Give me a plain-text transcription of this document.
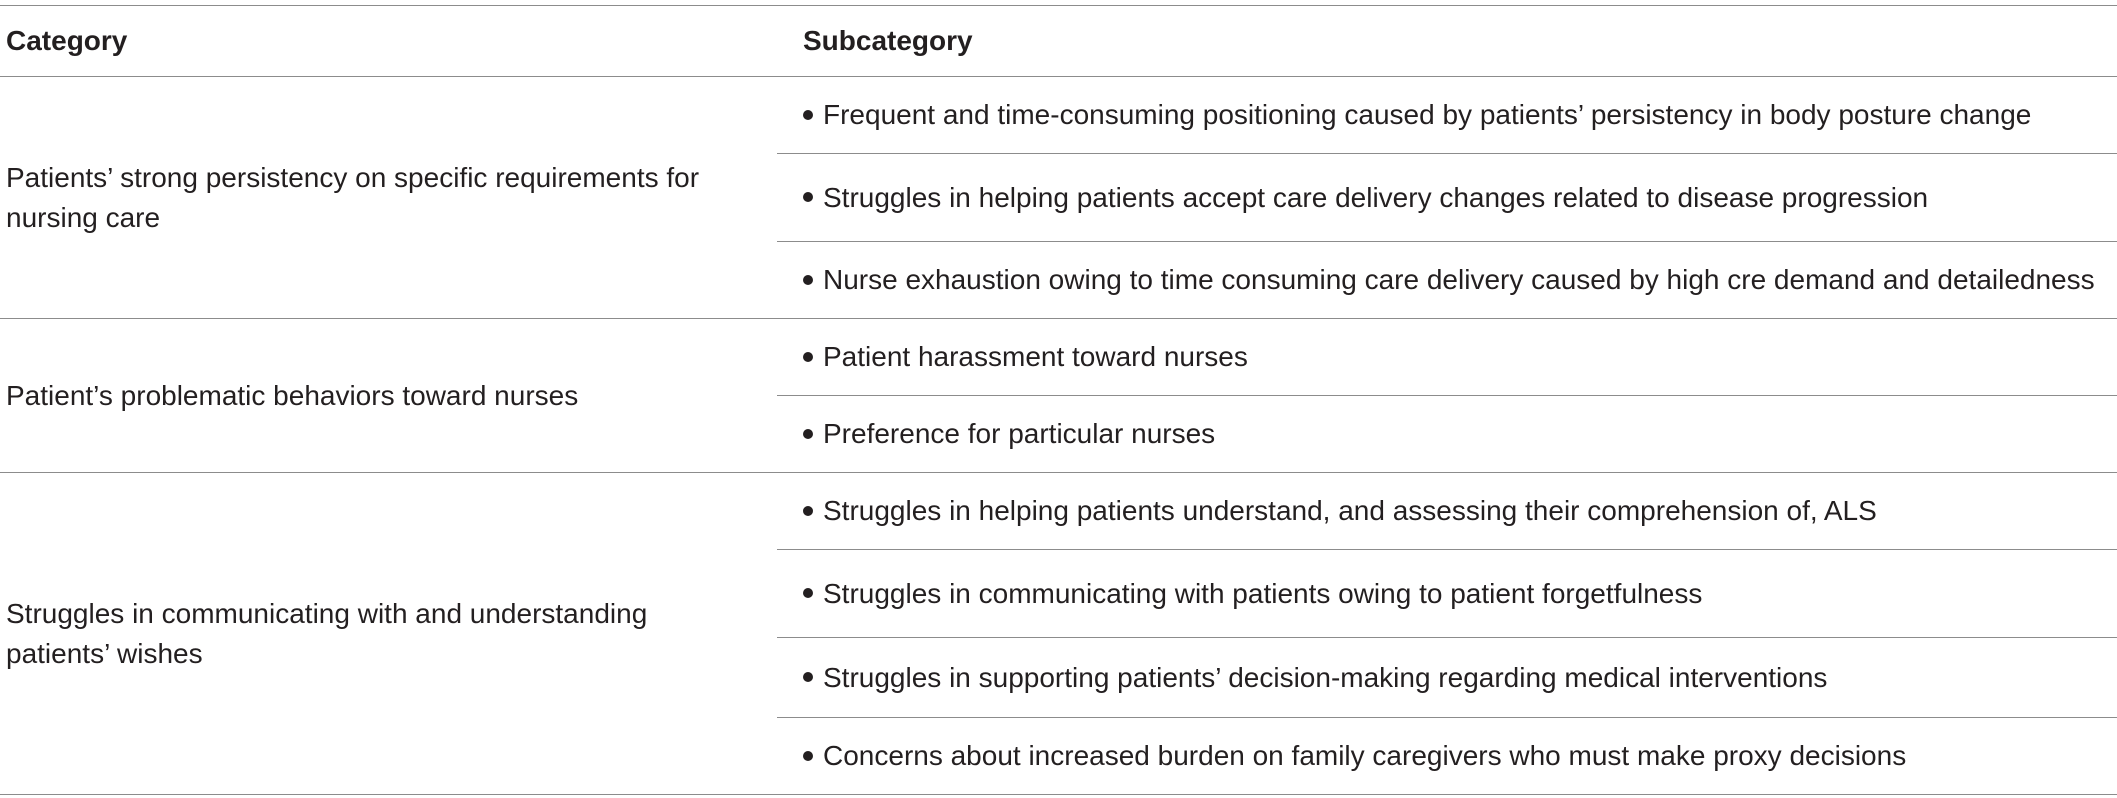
Category	Subcategory
Patients’ strong persistency on specific requirements for nursing care	Frequent and time-consuming positioning caused by patients’ persistency in body posture change
	Struggles in helping patients accept care delivery changes related to disease progression
	Nurse exhaustion owing to time consuming care delivery caused by high cre demand and detailedness
Patient’s problematic behaviors toward nurses	Patient harassment toward nurses
	Preference for particular nurses
Struggles in communicating with and understanding patients’ wishes	Struggles in helping patients understand, and assessing their comprehension of, ALS
	Struggles in communicating with patients owing to patient forgetfulness
	Struggles in supporting patients’ decision-making regarding medical interventions
	Concerns about increased burden on family caregivers who must make proxy decisions
